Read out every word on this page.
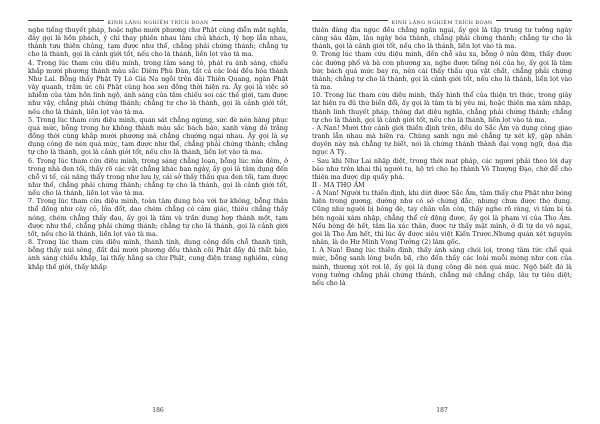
KINH LĂNG NGHIÊM TRÍCH ĐOẠN

nghe tiếng thuyết pháp, hoặc nghe mười phương chư Phật cùng diễn mật nghĩa, đây gọi là hồn phách, ý chí thay phiên nhau làm chủ khách, lý hợp lẫn nhau, thành tựu thiện chủng, tạm được như thế, chẳng phải chứng thánh; chẳng tự cho là thánh, gọi là cảnh giới tốt, nếu cho là thánh, liền lọt vào tà ma.

4. Trong lúc tham cứu diệu minh, trong tâm sáng tỏ, phát ra ánh sáng, chiếu khắp mười phương thành màu sắc Diêm Phù Đàn, tất cả các loài đều hóa thành Như Lai. Bỗng thấy Phật Tỳ Lô Giá Na ngồi trên đài Thiên Quang, ngàn Phật vây quanh, trăm ức cõi Phật cùng hoa sen đồng thời hiện ra. Ấy gọi là việc sở nhiễm của tâm hồn linh ngộ, ánh sáng của tâm chiếu soi các thế giới, tạm được như vậy, chẳng phải chứng thánh; chẳng tự cho là thánh, gọi là cảnh giới tốt, nếu cho là thánh, liền lọt vào tà ma.

5. Trong lúc tham cứu diệu minh, quan sát chẳng ngừng, sức đè nén hàng phục quá mức, bỗng trong hư không thành màu sắc bách bảo, xanh vàng đỏ trắng đồng thời cùng khắp mười phương mà chẳng chướng ngại nhau. Ấy gọi là sự dụng công đè nén quá mức, tạm được như thế, chẳng phải chứng thánh; chẳng tự cho là thánh, gọi là cảnh giới tốt, nếu cho là thánh, liền lọt vào tà ma.

6. Trong lúc tham cứu diệu minh, trong sáng chẳng loạn, bỗng lúc nửa đêm, ở trong nhà đen tối, thấy rõ các vật chẳng khác ban ngày, ấy gọi là tâm dụng đến chỗ vi tế, cái năng thấy trong như lưu ly, cái sở thấy thấu qua đen tối, tạm được như thế, chẳng phải chứng thánh; chẳng tự cho là thánh, gọi là cảnh giới tốt, nếu cho là thánh, liền lọt vào tà ma.

7. Trong lúc tham cứu diệu minh, toàn tâm dung hòa với hư không, bỗng thân thể đồng như cây cỏ, lửa đốt, dao chém chẳng có cảm giác, thiêu chẳng thấy nóng, chém chẳng thấy đau, ấy gọi là tâm và trần dung hợp thành một, tạm được như thế, chẳng phải chứng thánh; chẳng tự cho là thánh, gọi là cảnh giới tốt, nếu cho là thánh, liền lọt vào tà ma.

8. Trong lúc tham cứu diệu minh, thanh tịnh, dụng công đến chỗ thanh tịnh, bỗng thấy núi sông, đất đai mười phương đều thành cõi Phật đầy đủ thất bảo, ánh sáng chiếu khắp, lại thấy hằng sa chư Phật, cung điện trang nghiêm, cùng khắp thế giới, thấy khắp

186
KINH LĂNG NGHIÊM TRÍCH ĐOẠN

thiên đàng địa ngục đều chẳng ngăn ngại, ấy gọi là tập trung tư tưởng ngày càng sâu đậm, lâu ngày hóa thành, chẳng phải chứng thánh; chẳng tự cho là thánh, gọi là cảnh giới tốt, nếu cho là thánh, liền lọt vào tà ma.

9. Trong lúc tham cứu diệu minh, đến chỗ sâu xa, bỗng ở nửa đêm, thấy được các đường phố và bà con phương xa, nghe được tiếng nói của họ, ấy gọi là tâm bức bách quá mức bay ra, nên cái thấy thấu qua vật chắt, chẳng phải chứng thánh; chẳng tự cho là thánh, gọi là cảnh giới tốt, nếu cho là thánh, liền lọt vào tà ma.

10. Trong lúc tham cứu diệu minh, thấy hình thể của thiện tri thức, trong giây lát hiện ra đủ thứ biến đổi, ấy gọi là tâm tà bị yêu mị, hoặc thiên ma xâm nhập, thành linh thuyết pháp, thông đạt diệu nghĩa, chẳng phải chứng thánh; chẳng tự cho là thánh, gọi là cảnh giới tốt, nếu cho là thánh, liền lọt vào tà ma.

- A Nan! Mười thứ cảnh giới thiền định trên, đều do Sắc Ấm và dụng công giao tranh lẫn nhau mà hiện ra. Chúng sanh ngu mê chẳng tự xét kỹ, gặp nhân duyên này mà chẳng tự biết, nói là chứng thánh thành đại vọng ngữ, đọa địa ngục A Tỳ.

- Sau khi Như Lai nhập diệt, trong thời mạt pháp, các ngươi phải theo lời dạy bảo như trên khai thị người tu, hộ trì cho họ thành Vô Thượng Đạo, chớ để cho thiên ma được dịp quấy phá.

II - MA THỌ ẤM

- A Nan! Người tu thiền định, khi dứt được Sắc Ấm, tâm thấy chư Phật như bóng hiện trong gương, dường như có sở chứng đắc, nhưng chưa được thọ dụng. Cũng như người bị bóng đè, tay chân vẫn còn, thấy nghe rõ ràng, vì tâm bị tà bên ngoài xâm nhập, chẳng thể cử động được, ấy gọi là phạm vi của Thọ Ấm. Nếu bóng đè hết, tâm lìa xác thân, được tự thấy mặt mình, ở đi tự do vô ngại, gọi là Thọ Ấm hết, thì lúc ấy được siêu việt Kiến Trược.Nhưng quán xét nguyên nhân, là do Hư Minh Vọng Tưởng (2) làm gốc.

I. A Nan! Đang lúc thiền định, thấy ánh sáng chói lọi, trong tâm tức chế quá mức, bỗng sanh lòng buồn bã, cho đến thấy các loài muỗi mòng như con của mình, thương xót rơi lệ, ấy gọi là dụng công đè nén quá mức. Ngộ biết đó là vọng tưởng chẳng phải chứng thánh, chẳng mê chẳng chấp, lâu tự tiêu diệt; nếu cho là

187
